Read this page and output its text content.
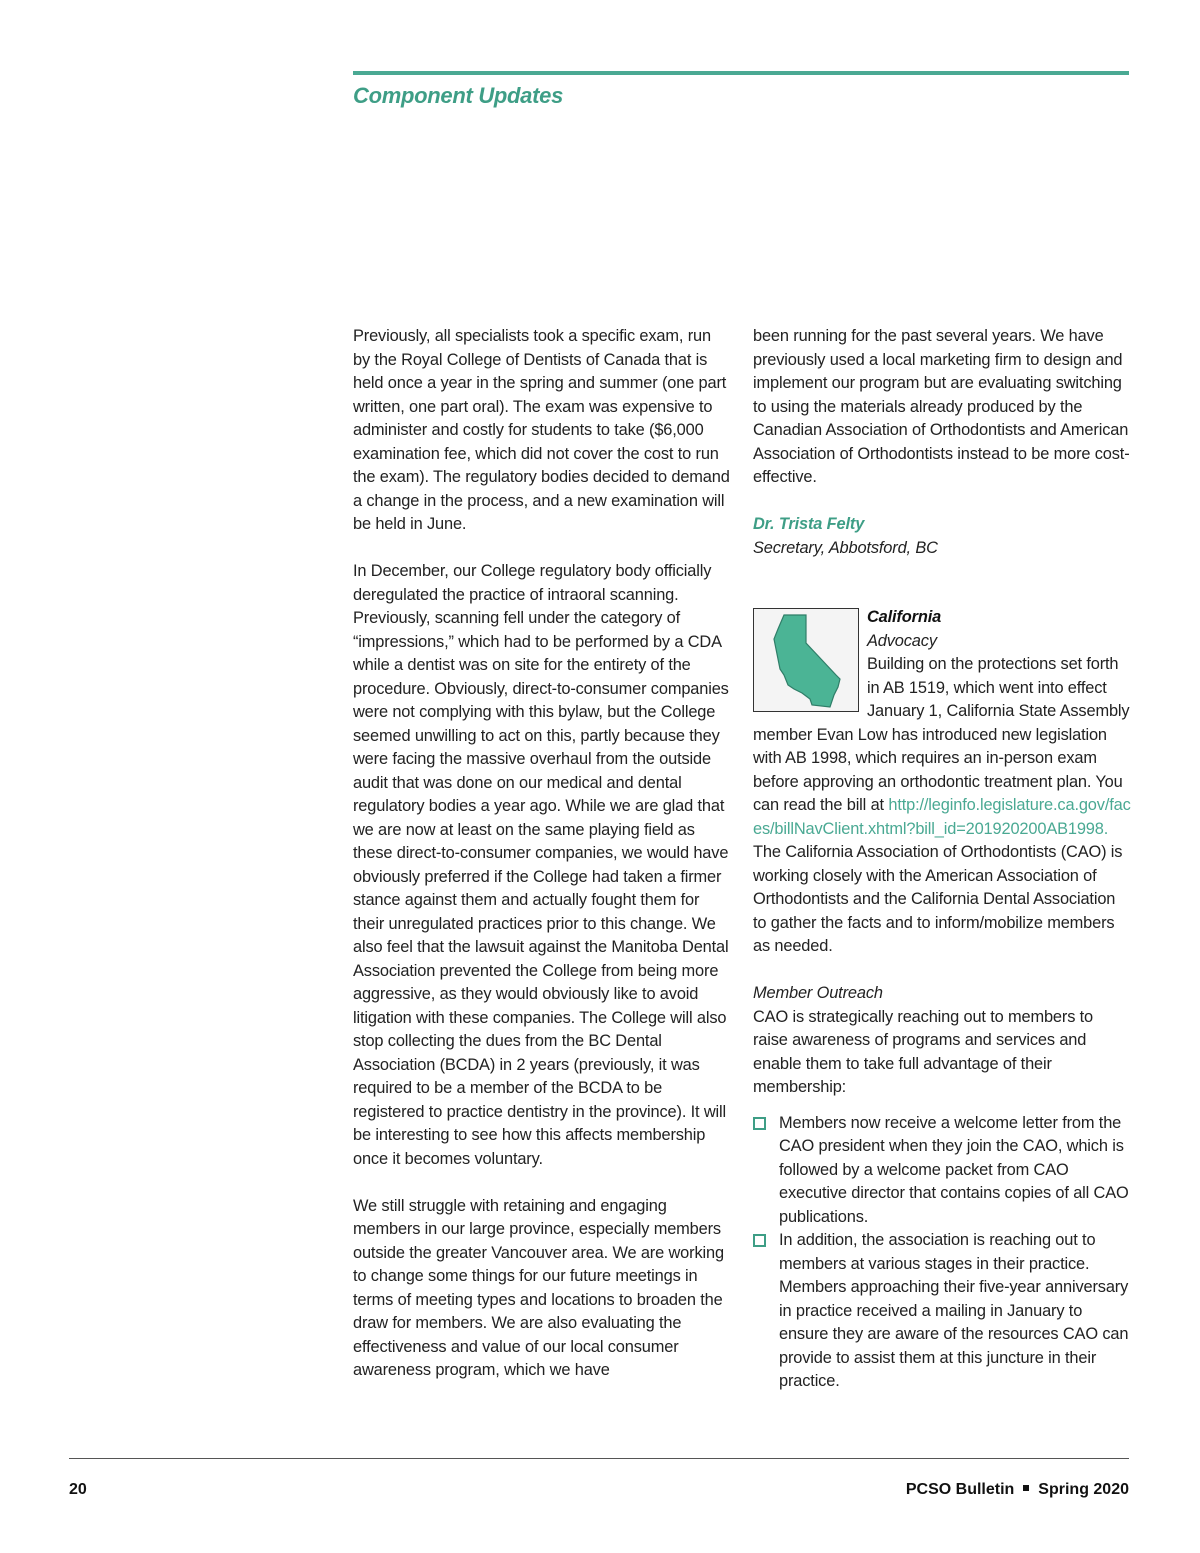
Component Updates

Previously, all specialists took a specific exam, run by the Royal College of Dentists of Canada that is held once a year in the spring and summer (one part written, one part oral). The exam was expensive to administer and costly for students to take ($6,000 examination fee, which did not cover the cost to run the exam). The regulatory bodies decided to demand a change in the process, and a new examination will be held in June.

In December, our College regulatory body officially deregulated the practice of intraoral scanning. Previously, scanning fell under the category of “impressions,” which had to be performed by a CDA while a dentist was on site for the entirety of the procedure. Obviously, direct-to-consumer companies were not complying with this bylaw, but the College seemed unwilling to act on this, partly because they were facing the massive overhaul from the outside audit that was done on our medical and dental regulatory bodies a year ago. While we are glad that we are now at least on the same playing field as these direct-to-consumer companies, we would have obviously preferred if the College had taken a firmer stance against them and actually fought them for their unregulated practices prior to this change. We also feel that the lawsuit against the Manitoba Dental Association prevented the College from being more aggressive, as they would obviously like to avoid litigation with these companies. The College will also stop collecting the dues from the BC Dental Association (BCDA) in 2 years (previously, it was required to be a member of the BCDA to be registered to practice dentistry in the province). It will be interesting to see how this affects membership once it becomes voluntary.

We still struggle with retaining and engaging members in our large province, especially members outside the greater Vancouver area. We are working to change some things for our future meetings in terms of meeting types and locations to broaden the draw for members. We are also evaluating the effectiveness and value of our local consumer awareness program, which we have

been running for the past several years. We have previously used a local marketing firm to design and implement our program but are evaluating switching to using the materials already produced by the Canadian Association of Orthodontists and American Association of Orthodontists instead to be more cost-effective.

Dr. Trista Felty
Secretary, Abbotsford, BC

California
Advocacy
Building on the protections set forth in AB 1519, which went into effect January 1, California State Assembly member Evan Low has introduced new legislation with AB 1998, which requires an in-person exam before approving an orthodontic treatment plan. You can read the bill at http://leginfo.legislature.ca.gov/faces/billNavClient.xhtml?bill_id=201920200AB1998. The California Association of Orthodontists (CAO) is working closely with the American Association of Orthodontists and the California Dental Association to gather the facts and to inform/mobilize members as needed.

Member Outreach
CAO is strategically reaching out to members to raise awareness of programs and services and enable them to take full advantage of their membership:

Members now receive a welcome letter from the CAO president when they join the CAO, which is followed by a welcome packet from CAO executive director that contains copies of all CAO publications.
In addition, the association is reaching out to members at various stages in their practice. Members approaching their five-year anniversary in practice received a mailing in January to ensure they are aware of the resources CAO can provide to assist them at this juncture in their practice.
20	PCSO Bulletin Spring 2020
